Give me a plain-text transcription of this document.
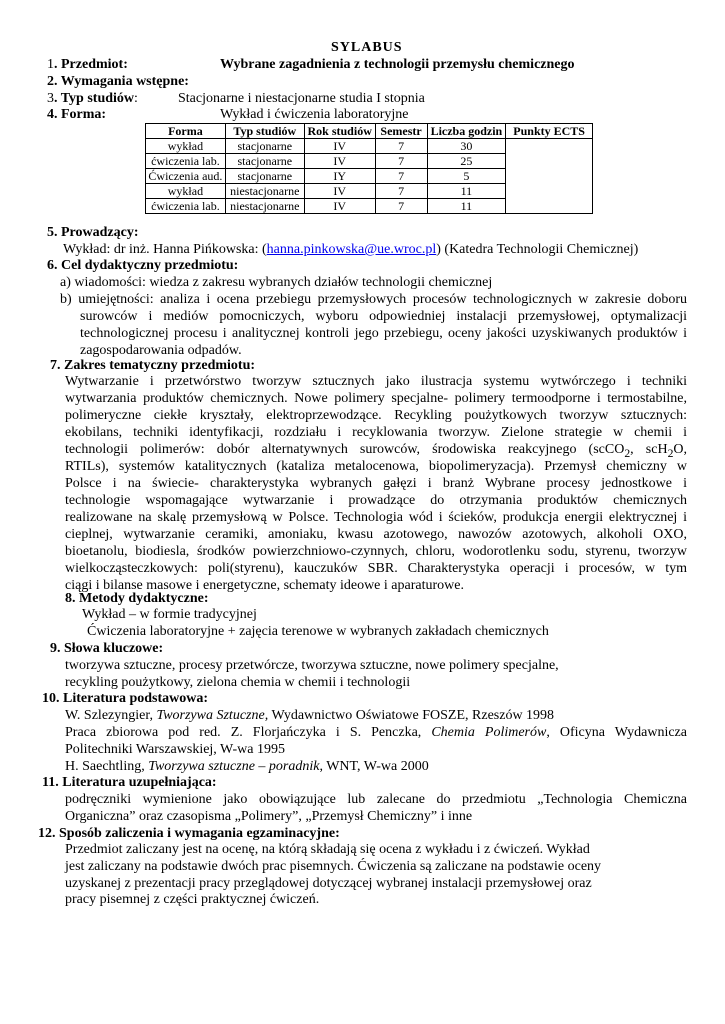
SYLABUS
1. Przedmiot:	Wybrane zagadnienia z technologii przemysłu chemicznego
2. Wymagania wstępne:
3. Typ studiów:	Stacjonarne i niestacjonarne studia I stopnia
4. Forma:	Wykład i ćwiczenia laboratoryjne
Forma	Typ studiów	Rok studiów	Semestr	Liczba godzin	Punkty ECTS
wykład	stacjonarne	IV	7	30	
ćwiczenia lab.	stacjonarne	IV	7	25	
Ćwiczenia aud.	stacjonarne	IY	7	5	
wykład	niestacjonarne	IV	7	11	
ćwiczenia lab.	niestacjonarne	IV	7	11	
5. Prowadzący:
Wykład: dr inż. Hanna Pińkowska: (hanna.pinkowska@ue.wroc.pl) (Katedra Technologii Chemicznej)
6. Cel dydaktyczny przedmiotu:
a) wiadomości: wiedza z zakresu wybranych działów technologii chemicznej
b) umiejętności: analiza i ocena przebiegu przemysłowych procesów technologicznych w zakresie doboru
surowców i mediów pomocniczych, wyboru odpowiedniej instalacji przemysłowej, optymalizacji
technologicznej procesu i analitycznej kontroli jego przebiegu, oceny jakości uzyskiwanych produktów i
zagospodarowania odpadów.
7. Zakres tematyczny przedmiotu:
Wytwarzanie i przetwórstwo tworzyw sztucznych jako ilustracja systemu wytwórczego i techniki
wytwarzania produktów chemicznych. Nowe polimery specjalne- polimery termoodporne i termostabilne,
polimeryczne ciekłe kryształy, elektroprzewodzące. Recykling poużytkowych tworzyw sztucznych:
ekobilans, techniki identyfikacji, rozdziału i recyklowania tworzyw. Zielone strategie w chemii i
technologii polimerów: dobór alternatywnych surowców, środowiska reakcyjnego (scCO$_2$, scH$_2$O,
RTILs), systemów katalitycznych (kataliza metalocenowa, biopolimeryzacja). Przemysł chemiczny w
Polsce i na świecie- charakterystyka wybranych gałęzi i branż Wybrane procesy jednostkowe i
technologie wspomagające wytwarzanie i prowadzące do otrzymania produktów chemicznych
realizowane na skalę przemysłową w Polsce. Technologia wód i ścieków, produkcja energii elektrycznej i
cieplnej, wytwarzanie ceramiki, amoniaku, kwasu azotowego, nawozów azotowych, alkoholi OXO,
bioetanolu, biodiesla, środków powierzchniowo-czynnych, chloru, wodorotlenku sodu, styrenu, tworzyw
wielkocząsteczkowych: poli(styrenu), kauczuków SBR. Charakterystyka operacji i procesów, w tym
ciągi i bilanse masowe i energetyczne, schematy ideowe i aparaturowe.
8. Metody dydaktyczne:
Wykład – w formie tradycyjnej
Ćwiczenia laboratoryjne + zajęcia terenowe w wybranych zakładach chemicznych
9. Słowa kluczowe:
tworzywa sztuczne, procesy przetwórcze, tworzywa sztuczne, nowe polimery specjalne,
recykling poużytkowy, zielona chemia w chemii i technologii
10. Literatura podstawowa:
W. Szlezyngier, Tworzywa Sztuczne, Wydawnictwo Oświatowe FOSZE, Rzeszów 1998
Praca zbiorowa pod red. Z. Florjańczyka i S. Penczka, Chemia Polimerów, Oficyna Wydawnicza
Politechniki Warszawskiej, W-wa 1995
H. Saechtling, Tworzywa sztuczne – poradnik, WNT, W-wa 2000
11. Literatura uzupełniająca:
podręczniki wymienione jako obowiązujące lub zalecane do przedmiotu „Technologia Chemiczna
Organiczna” oraz czasopisma „Polimery”, „Przemysł Chemiczny” i inne
12. Sposób zaliczenia i wymagania egzaminacyjne:
Przedmiot zaliczany jest na ocenę, na którą składają się ocena z wykładu i z ćwiczeń. Wykład
jest zaliczany na podstawie dwóch prac pisemnych. Ćwiczenia są zaliczane na podstawie oceny
uzyskanej z prezentacji pracy przeglądowej dotyczącej wybranej instalacji przemysłowej oraz
pracy pisemnej z części praktycznej ćwiczeń.
